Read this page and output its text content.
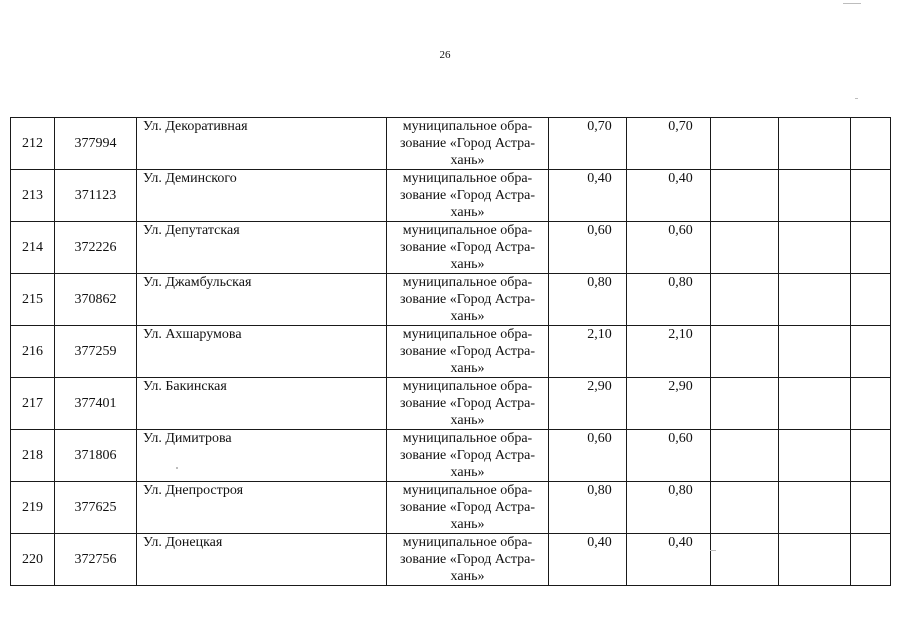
26
212	377994	Ул. Декоративная	муниципальное обра-
зование «Город Астра-
хань»	0,70	0,70			
213	371123	Ул. Деминского	муниципальное обра-
зование «Город Астра-
хань»	0,40	0,40			
214	372226	Ул. Депутатская	муниципальное обра-
зование «Город Астра-
хань»	0,60	0,60			
215	370862	Ул. Джамбульская	муниципальное обра-
зование «Город Астра-
хань»	0,80	0,80			
216	377259	Ул. Ахшарумова	муниципальное обра-
зование «Город Астра-
хань»	2,10	2,10			
217	377401	Ул. Бакинская	муниципальное обра-
зование «Город Астра-
хань»	2,90	2,90			
218	371806	Ул. Димитрова	муниципальное обра-
зование «Город Астра-
хань»	0,60	0,60			
219	377625	Ул. Днепростроя	муниципальное обра-
зование «Город Астра-
хань»	0,80	0,80			
220	372756	Ул. Донецкая	муниципальное обра-
зование «Город Астра-
хань»	0,40	0,40			
